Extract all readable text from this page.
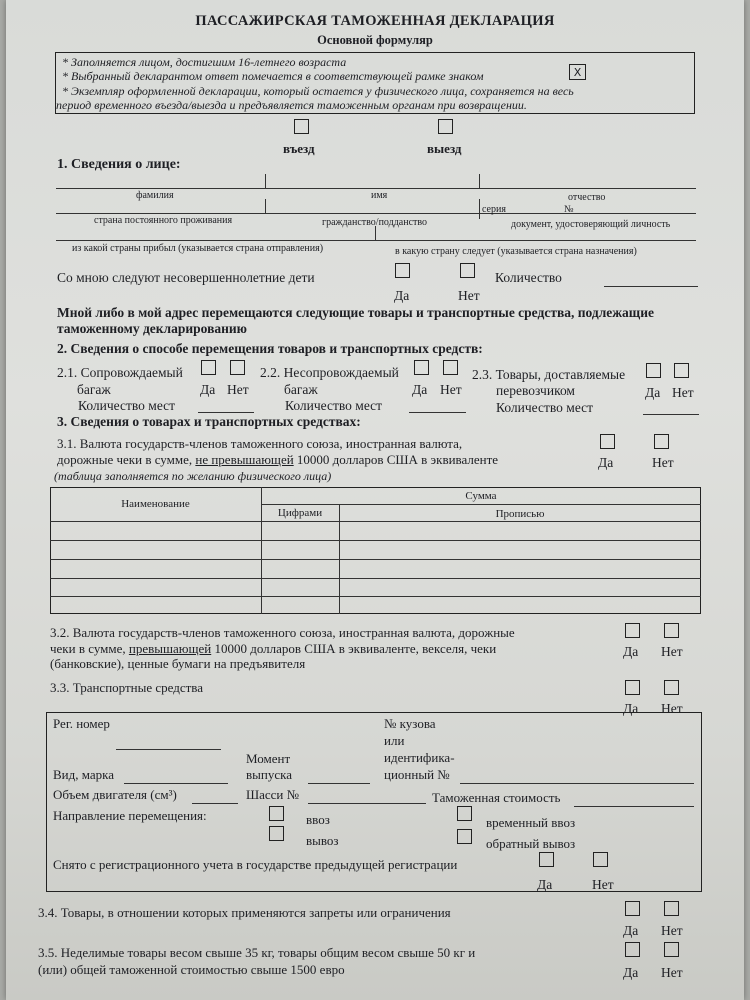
ПАССАЖИРСКАЯ ТАМОЖЕННАЯ ДЕКЛАРАЦИЯ
Основной формуляр
* Заполняется лицом, достигшим 16-летнего возраста
* Выбранный декларантом ответ помечается в соответствующей рамке знаком	X
* Экземпляр оформленной декларации, который остается у физического лица, сохраняется на весь
период временного въезда/выезда и предъявляется таможенным органам при возвращении.
въезд	выезд
1. Сведения о лице:
фамилия	имя	отчество
серия	№
страна постоянного проживания	гражданство/подданство	документ, удостоверяющий личность
из какой страны прибыл (указывается страна отправления)	в какую страну следует (указывается страна назначения)
Со мною следуют несовершеннолетние дети
Да	Нет
Количество
Мной либо в мой адрес перемещаются следующие товары и транспортные средства, подлежащие
таможенному декларированию
2. Сведения о способе перемещения товаров и транспортных средств:
2.1. Сопровождаемый
багаж	Да Нет
Количество мест
2.2. Несопровождаемый
багаж	Да Нет
Количество мест
2.3. Товары, доставляемые
перевозчиком	Да Нет
Количество мест
3. Сведения о товарах и транспортных средствах:
3.1. Валюта государств-членов таможенного союза, иностранная валюта,
дорожные чеки в сумме, не превышающей 10000 долларов США в эквиваленте	Да	Нет
(таблица заполняется по желанию физического лица)
Наименование
Сумма
Цифрами	Прописью
3.2. Валюта государств-членов таможенного союза, иностранная валюта, дорожные
чеки в сумме, превышающей 10000 долларов США в эквиваленте, векселя, чеки
(банковские), ценные бумаги на предъявителя
Да Нет
3.3. Транспортные средства
Да Нет
Рег. номер	№ кузова
или
идентифика-
ционный №
Момент
выпуска
Вид, марка
Объем двигателя (см³)	Шасси №	Таможенная стоимость
Направление перемещения:	ввоз
вывоз
временный ввоз
обратный вывоз
Снято с регистрационного учета в государстве предыдущей регистрации
Да	Нет
3.4. Товары, в отношении которых применяются запреты или ограничения
Да Нет
3.5. Неделимые товары весом свыше 35 кг, товары общим весом свыше 50 кг и
(или) общей таможенной стоимостью свыше 1500 евро	Да Нет
